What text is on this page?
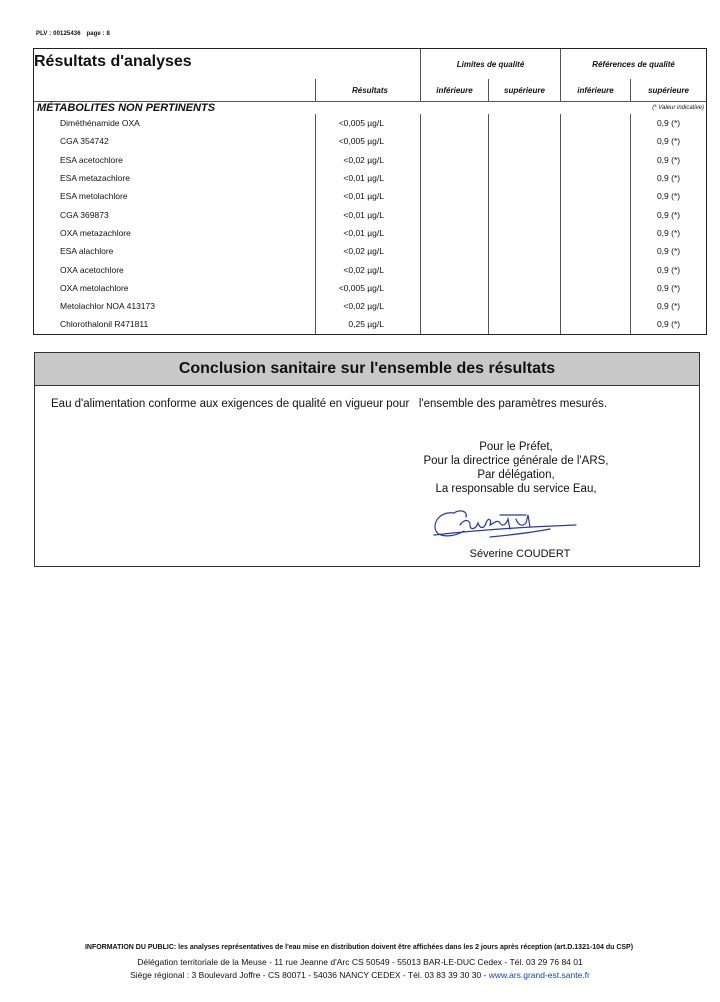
PLV : 00125436 page : 8
Résultats d'analyses		Limites de qualité		Références de qualité	
	Résultats	inférieure	supérieure	inférieure	supérieure
MÉTABOLITES NON PERTINENTS					(* Valeur indicative)
Diméthénamide OXA	<0,005 µg/L				0,9 (*)
CGA 354742	<0,005 µg/L				0,9 (*)
ESA acetochlore	<0,02 µg/L				0,9 (*)
ESA metazachlore	<0,01 µg/L				0,9 (*)
ESA metolachlore	<0,01 µg/L				0,9 (*)
CGA 369873	<0,01 µg/L				0,9 (*)
OXA metazachlore	<0,01 µg/L				0,9 (*)
ESA alachlore	<0,02 µg/L				0,9 (*)
OXA acetochlore	<0,02 µg/L				0,9 (*)
OXA metolachlore	<0,005 µg/L				0,9 (*)
Metolachlor NOA 413173	<0,02 µg/L				0,9 (*)
Chlorothalonil R471811	0,25 µg/L				0,9 (*)
Conclusion sanitaire sur l'ensemble des résultats
Eau d'alimentation conforme aux exigences de qualité en vigueur pour   l'ensemble des paramètres mesurés.
Pour le Préfet,
Pour la directrice générale de l'ARS,
Par délégation,
La responsable du service Eau,
Séverine COUDERT
INFORMATION DU PUBLIC: les analyses représentatives de l'eau mise en distribution doivent être affichées dans les 2 jours après réception (art.D.1321-104 du CSP)
Délégation territoriale de la Meuse - 11 rue Jeanne d'Arc CS 50549 - 55013 BAR-LE-DUC Cedex - Tél. 03 29 76 84 01
Siège régional : 3 Boulevard Joffre - CS 80071 - 54036 NANCY CEDEX - Tél. 03 83 39 30 30 - www.ars.grand-est.sante.fr
